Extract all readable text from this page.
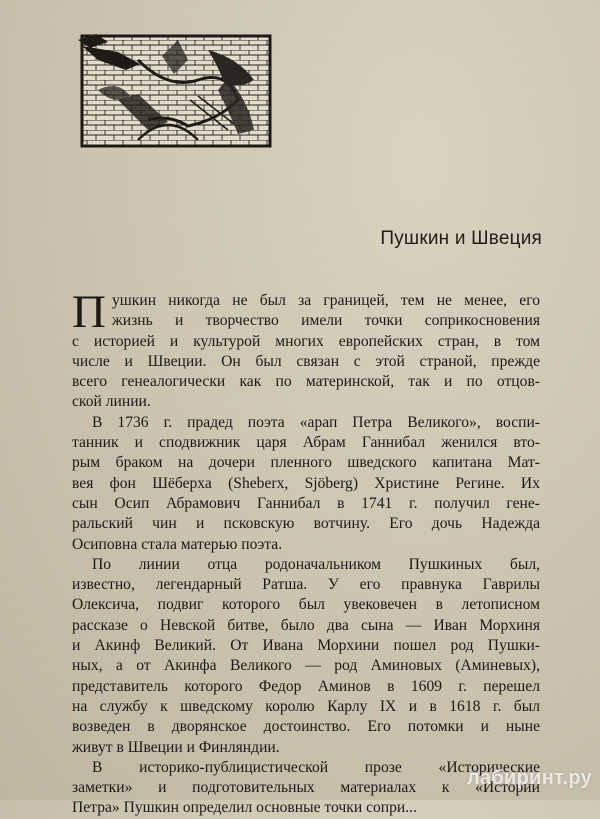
Пушкин и Швеция
П ушкин никогда не был за границей, тем не менее, его
жизнь и творчество имели точки соприкосновения
с историей и культурой многих европейских стран, в том
числе и Швеции. Он был связан с этой страной, прежде
всего генеалогически как по материнской, так и по отцов-
ской линии.
В 1736 г. прадед поэта «арап Петра Великого», воспи-
танник и сподвижник царя Абрам Ганнибал женился вто-
рым браком на дочери пленного шведского капитана Мат-
вея фон Шёберха (Sheberx, Sjöberg) Христине Регине. Их
сын Осип Абрамович Ганнибал в 1741 г. получил гене-
ральский чин и псковскую вотчину. Его дочь Надежда
Осиповна стала матерью поэта.
По линии отца родоначальником Пушкиных был,
известно, легендарный Ратша. У его правнука Гаврилы
Олексича, подвиг которого был увековечен в летописном
рассказе о Невской битве, было два сына — Иван Морхиня
и Акинф Великий. От Ивана Морхини пошел род Пушки-
ных, а от Акинфа Великого — род Аминовых (Аминевых),
представитель которого Федор Аминов в 1609 г. перешел
на службу к шведскому королю Карлу IX и в 1618 г. был
возведен в дворянское достоинство. Его потомки и ныне
живут в Швеции и Финляндии.
В историко-публицистической прозе «Исторические
заметки» и подготовительных материалах к «Истории
Петра» Пушкин определил основные точки сопри...
лабиринт.ру
